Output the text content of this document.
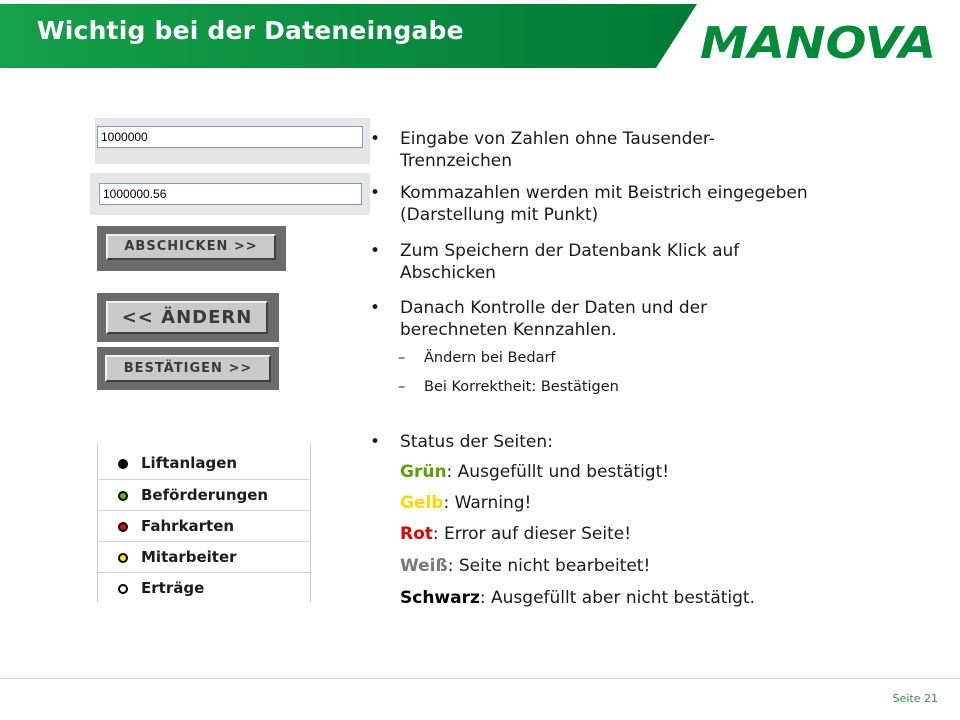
Wichtig bei der Dateneingabe	MANOVA
1000000
1000000.56
ABSCHICKEN >>
<< ÄNDERN
BESTÄTIGEN >>
Liftanlagen
Beförderungen
Fahrkarten
Mitarbeiter
Erträge
• Eingabe von Zahlen ohne Tausender-Trennzeichen
• Kommazahlen werden mit Beistrich eingegeben (Darstellung mit Punkt)
• Zum Speichern der Datenbank Klick auf Abschicken
• Danach Kontrolle der Daten und der berechneten Kennzahlen.
– Ändern bei Bedarf
– Bei Korrektheit: Bestätigen
• Status der Seiten:
Grün: Ausgefüllt und bestätigt!
Gelb: Warning!
Rot: Error auf dieser Seite!
Weiß: Seite nicht bearbeitet!
Schwarz: Ausgefüllt aber nicht bestätigt.
Seite 21
